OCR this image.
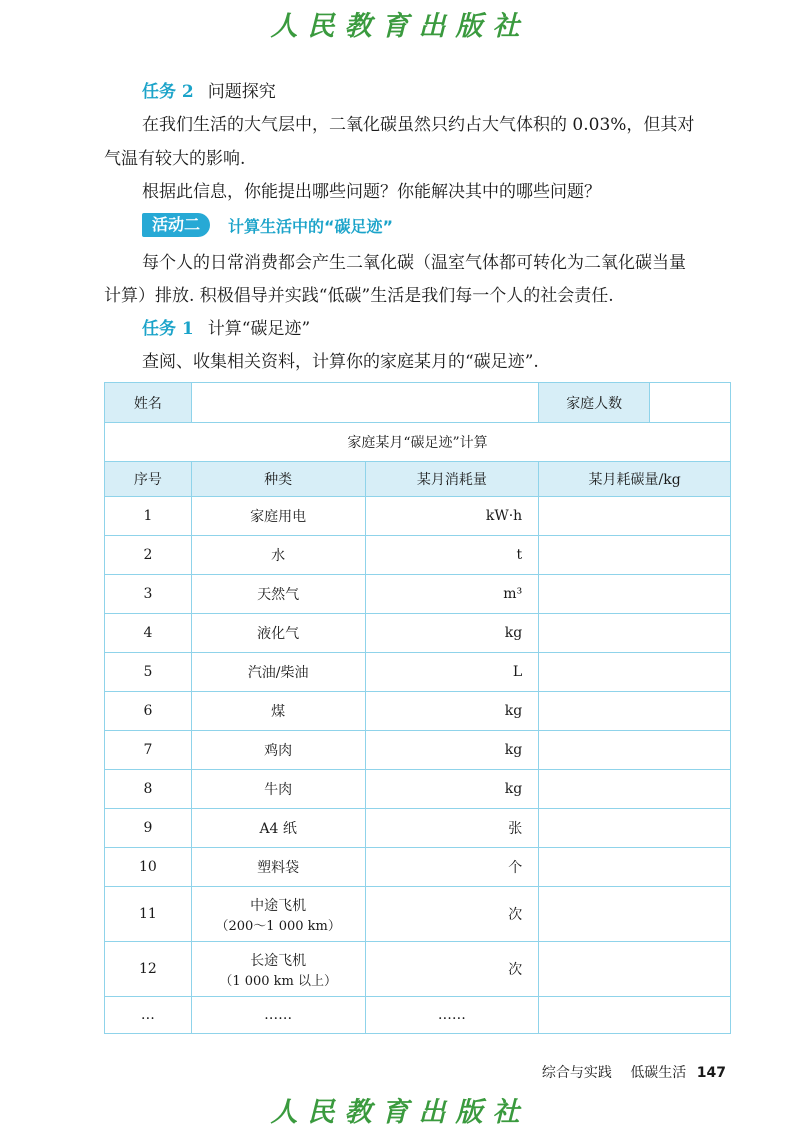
人民教育出版社
任务 2 问题探究
在我们生活的大气层中，二氧化碳虽然只约占大气体积的 0.03%，但其对
气温有较大的影响.
根据此信息，你能提出哪些问题？你能解决其中的哪些问题？
活动二	计算生活中的“碳足迹”
每个人的日常消费都会产生二氧化碳（温室气体都可转化为二氧化碳当量
计算）排放. 积极倡导并实践“低碳”生活是我们每一个人的社会责任.
任务 1 计算“碳足迹”
查阅、收集相关资料，计算你的家庭某月的“碳足迹”.
姓名			家庭人数

家庭某月“碳足迹”计算			
序号	种类	某月消耗量	某月耗碳量/kg
1	家庭用电	kW·h	
2	水	t	
3	天然气	m³	
4	液化气	kg	
5	汽油/柴油	L	
6	煤	kg	
7	鸡肉	kg	
8	牛肉	kg	
9	A4 纸	张	
10	塑料袋	个	
11	中途飞机
（200～1 000 km）	次	
12	长途飞机
（1 000 km 以上）	次	
…	……	……	
综合与实践 低碳生活 147
人民教育出版社
